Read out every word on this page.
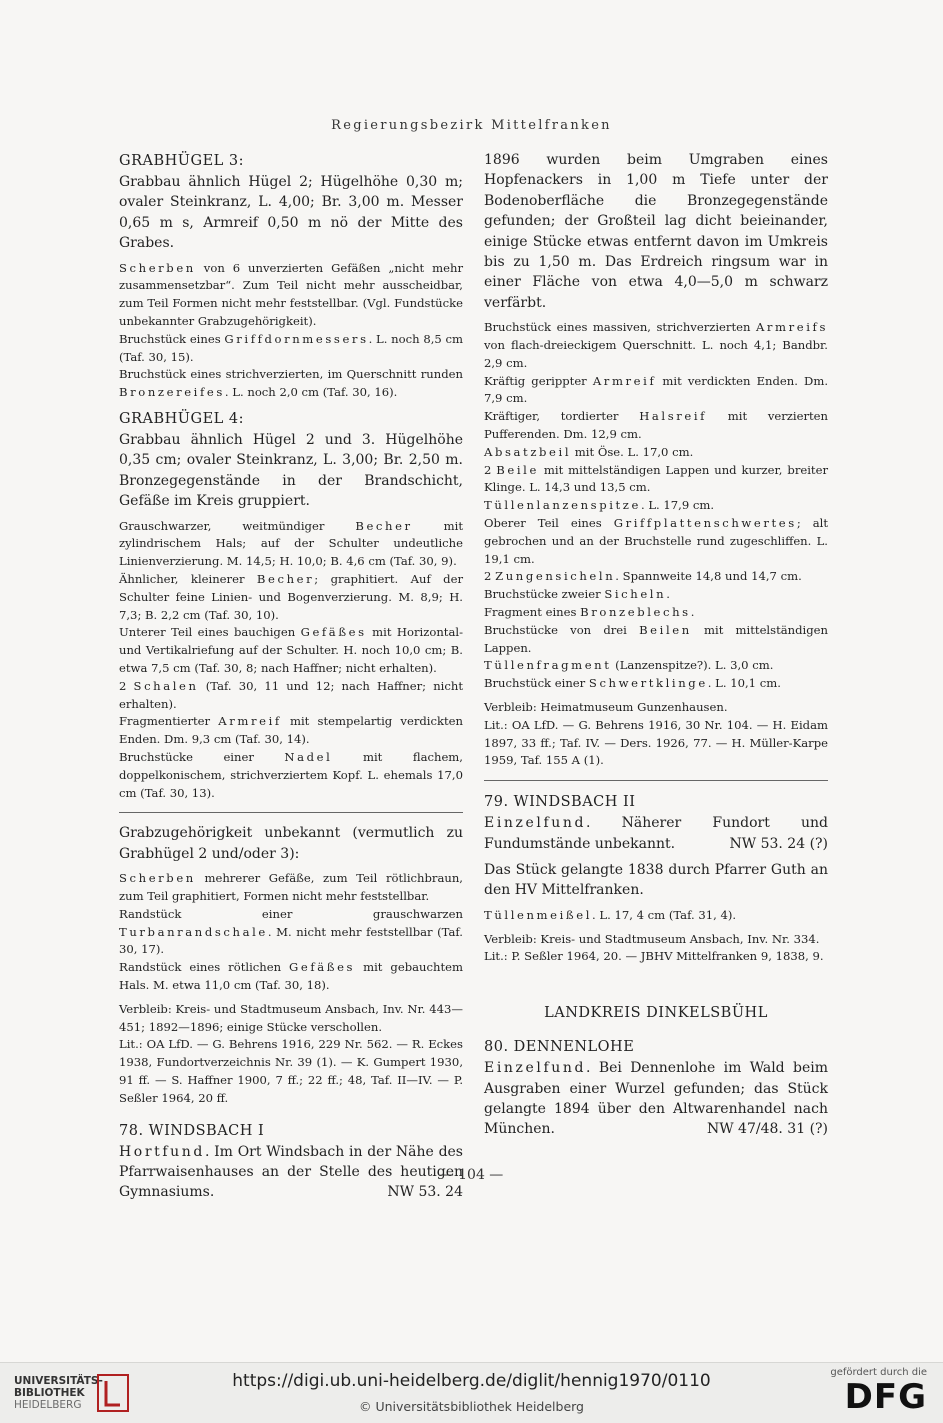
Regierungsbezirk Mittelfranken

GRABHÜGEL 3:

Grabbau ähnlich Hügel 2; Hügelhöhe 0,30 m; ovaler Steinkranz, L. 4,00; Br. 3,00 m. Messer 0,65 m s, Armreif 0,50 m nö der Mitte des Grabes.

Scherben von 6 unverzierten Gefäßen „nicht mehr zusammensetzbar“. Zum Teil nicht mehr ausscheidbar, zum Teil Formen nicht mehr feststellbar. (Vgl. Fundstücke unbekannter Grabzugehörigkeit).

Bruchstück eines Griffdornmessers. L. noch 8,5 cm (Taf. 30, 15).

Bruchstück eines strichverzierten, im Querschnitt runden Bronzereifes. L. noch 2,0 cm (Taf. 30, 16).

GRABHÜGEL 4:

Grabbau ähnlich Hügel 2 und 3. Hügelhöhe 0,35 cm; ovaler Steinkranz, L. 3,00; Br. 2,50 m. Bronzegegenstände in der Brandschicht, Gefäße im Kreis gruppiert.

Grauschwarzer, weitmündiger Becher mit zylindrischem Hals; auf der Schulter undeutliche Linienverzierung. M. 14,5; H. 10,0; B. 4,6 cm (Taf. 30, 9).

Ähnlicher, kleinerer Becher; graphitiert. Auf der Schulter feine Linien- und Bogenverzierung. M. 8,9; H. 7,3; B. 2,2 cm (Taf. 30, 10).

Unterer Teil eines bauchigen Gefäßes mit Horizontal- und Vertikalriefung auf der Schulter. H. noch 10,0 cm; B. etwa 7,5 cm (Taf. 30, 8; nach Haffner; nicht erhalten).

2 Schalen (Taf. 30, 11 und 12; nach Haffner; nicht erhalten).

Fragmentierter Armreif mit stempelartig verdickten Enden. Dm. 9,3 cm (Taf. 30, 14).

Bruchstücke einer Nadel mit flachem, doppelkonischem, strichverziertem Kopf. L. ehemals 17,0 cm (Taf. 30, 13).

Grabzugehörigkeit unbekannt (vermutlich zu Grabhügel 2 und/oder 3):

Scherben mehrerer Gefäße, zum Teil rötlichbraun, zum Teil graphitiert, Formen nicht mehr feststellbar.

Randstück einer grauschwarzen Turbanrandschale. M. nicht mehr feststellbar (Taf. 30, 17).

Randstück eines rötlichen Gefäßes mit gebauchtem Hals. M. etwa 11,0 cm (Taf. 30, 18).

Verbleib: Kreis- und Stadtmuseum Ansbach, Inv. Nr. 443—451; 1892—1896; einige Stücke verschollen.

Lit.: OA LfD. — G. Behrens 1916, 229 Nr. 562. — R. Eckes 1938, Fundortverzeichnis Nr. 39 (1). — K. Gumpert 1930, 91 ff. — S. Haffner 1900, 7 ff.; 22 ff.; 48, Taf. II—IV. — P. Seßler 1964, 20 ff.

78. WINDSBACH I

Hortfund. Im Ort Windsbach in der Nähe des Pfarrwaisenhauses an der Stelle des heutigen Gymnasiums.	NW 53. 24

1896 wurden beim Umgraben eines Hopfenackers in 1,00 m Tiefe unter der Bodenoberfläche die Bronzegegenstände gefunden; der Großteil lag dicht beieinander, einige Stücke etwas entfernt davon im Umkreis bis zu 1,50 m. Das Erdreich ringsum war in einer Fläche von etwa 4,0—5,0 m schwarz verfärbt.

Bruchstück eines massiven, strichverzierten Armreifs von flach-dreieckigem Querschnitt. L. noch 4,1; Bandbr. 2,9 cm.

Kräftig gerippter Armreif mit verdickten Enden. Dm. 7,9 cm.

Kräftiger, tordierter Halsreif mit verzierten Pufferenden. Dm. 12,9 cm.

Absatzbeil mit Öse. L. 17,0 cm.

2 Beile mit mittelständigen Lappen und kurzer, breiter Klinge. L. 14,3 und 13,5 cm.

Tüllenlanzenspitze. L. 17,9 cm.

Oberer Teil eines Griffplattenschwertes; alt gebrochen und an der Bruchstelle rund zugeschliffen. L. 19,1 cm.

2 Zungensicheln. Spannweite 14,8 und 14,7 cm.

Bruchstücke zweier Sicheln.

Fragment eines Bronzeblechs.

Bruchstücke von drei Beilen mit mittelständigen Lappen.

Tüllenfragment (Lanzenspitze?). L. 3,0 cm.

Bruchstück einer Schwertklinge. L. 10,1 cm.

Verbleib: Heimatmuseum Gunzenhausen.

Lit.: OA LfD. — G. Behrens 1916, 30 Nr. 104. — H. Eidam 1897, 33 ff.; Taf. IV. — Ders. 1926, 77. — H. Müller-Karpe 1959, Taf. 155 A (1).

79. WINDSBACH II

Einzelfund. Näherer Fundort und Fundumstände unbekannt.	NW 53. 24 (?)

Das Stück gelangte 1838 durch Pfarrer Guth an den HV Mittelfranken.

Tüllenmeißel. L. 17, 4 cm (Taf. 31, 4).

Verbleib: Kreis- und Stadtmuseum Ansbach, Inv. Nr. 334.

Lit.: P. Seßler 1964, 20. — JBHV Mittelfranken 9, 1838, 9.

LANDKREIS DINKELSBÜHL

80. DENNENLOHE

Einzelfund. Bei Dennenlohe im Wald beim Ausgraben einer Wurzel gefunden; das Stück gelangte 1894 über den Altwarenhandel nach München.	NW 47/48. 31 (?)

— 104 —
UNIVERSITÄTS-
BIBLIOTHEK
HEIDELBERG
https://digi.ub.uni-heidelberg.de/diglit/hennig1970/0110
© Universitätsbibliothek Heidelberg
gefördert durch die
DFG
